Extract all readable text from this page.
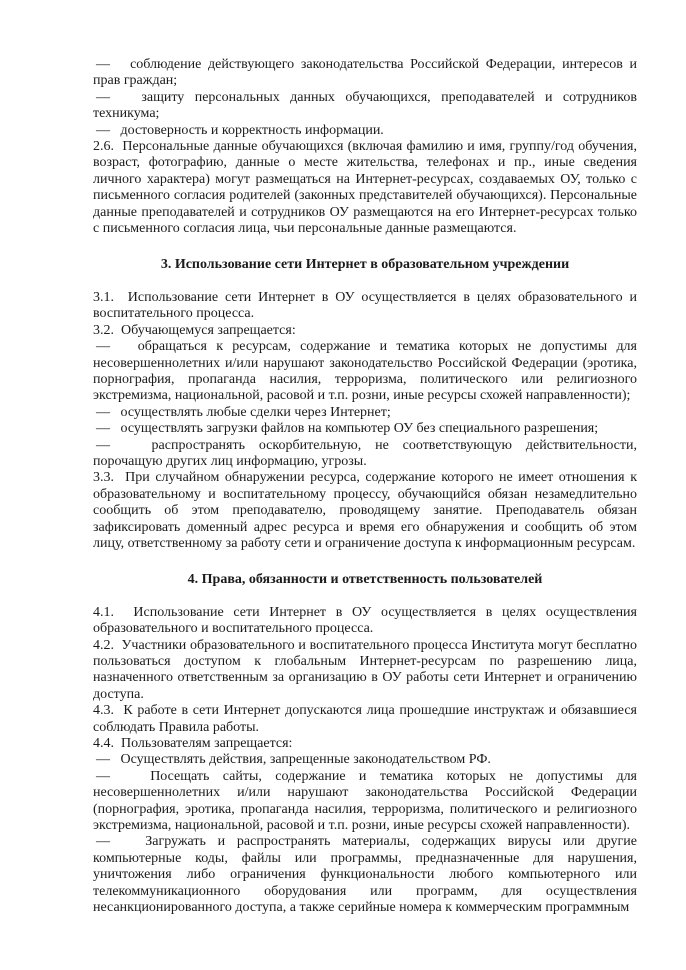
—   соблюдение действующего законодательства Российской Федерации, интересов и прав граждан;

—   защиту персональных данных обучающихся, преподавателей и сотрудников техникума;

—   достоверность и корректность информации.

2.6.  Персональные данные обучающихся (включая фамилию и имя, группу/год обучения, возраст, фотографию, данные о месте жительства, телефонах и пр., иные сведения личного характера) могут размещаться на Интернет-ресурсах, создаваемых ОУ, только с письменного согласия родителей (законных представителей обучающихся). Персональные данные преподавателей и сотрудников ОУ размещаются на его Интернет-ресурсах только с письменного согласия лица, чьи персональные данные размещаются.

3. Использование сети Интернет в образовательном учреждении

3.1.  Использование сети Интернет в ОУ осуществляется в целях образовательного и воспитательного процесса.

3.2.  Обучающемуся запрещается:

—   обращаться к ресурсам, содержание и тематика которых не допустимы для несовершеннолетних и/или нарушают законодательство Российской Федерации (эротика, порнография, пропаганда насилия, терроризма, политического или религиозного экстремизма, национальной, расовой и т.п. розни, иные ресурсы схожей направленности);

—   осуществлять любые сделки через Интернет;

—   осуществлять загрузки файлов на компьютер ОУ без специального разрешения;

—   распространять оскорбительную, не соответствующую действительности, порочащую других лиц информацию, угрозы.

3.3.  При случайном обнаружении ресурса, содержание которого не имеет отношения к образовательному и воспитательному процессу, обучающийся обязан незамедлительно сообщить об этом преподавателю, проводящему занятие. Преподаватель обязан зафиксировать доменный адрес ресурса и время его обнаружения и сообщить об этом лицу, ответственному за работу сети и ограничение доступа к информационным ресурсам.

4. Права, обязанности и ответственность пользователей

4.1.  Использование сети Интернет в ОУ осуществляется в целях осуществления образовательного и воспитательного процесса.

4.2.  Участники образовательного и воспитательного процесса Института могут бесплатно пользоваться доступом к глобальным Интернет-ресурсам по разрешению лица, назначенного ответственным за организацию в ОУ работы сети Интернет и ограничению доступа.

4.3.  К работе в сети Интернет допускаются лица прошедшие инструктаж и обязавшиеся соблюдать Правила работы.

4.4.  Пользователям запрещается:

—   Осуществлять действия, запрещенные законодательством РФ.

—   Посещать сайты, содержание и тематика которых не допустимы для несовершеннолетних и/или нарушают законодательства Российской Федерации (порнография, эротика, пропаганда насилия, терроризма, политического и религиозного экстремизма, национальной, расовой и т.п. розни, иные ресурсы схожей направленности).

—   Загружать и распространять материалы, содержащих вирусы или другие компьютерные коды, файлы или программы, предназначенные для нарушения, уничтожения либо ограничения функциональности любого компьютерного или телекоммуникационного оборудования или программ, для осуществления несанкционированного доступа, а также серийные номера к коммерческим программным
